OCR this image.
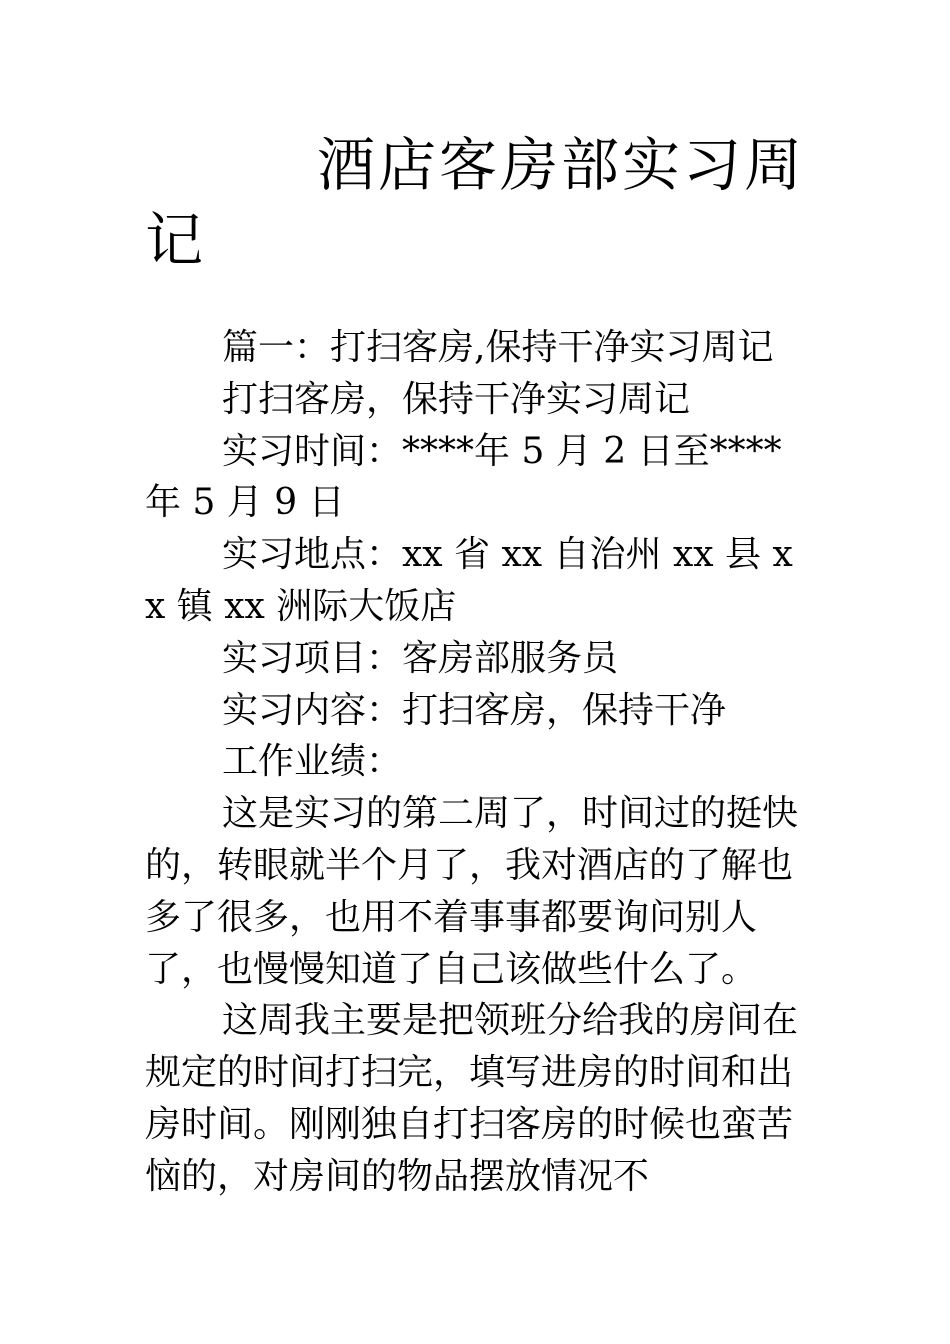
酒店客房部实习周记

篇一：打扫客房,保持干净实习周记

打扫客房，保持干净实习周记

实习时间：****年 5 月 2 日至****年 5 月 9 日

实习地点：xx 省 xx 自治州 xx 县 xx 镇 xx 洲际大饭店

实习项目：客房部服务员

实习内容：打扫客房，保持干净

工作业绩：

这是实习的第二周了，时间过的挺快的，转眼就半个月了，我对酒店的了解也多了很多，也用不着事事都要询问别人了，也慢慢知道了自己该做些什么了。

这周我主要是把领班分给我的房间在规定的时间打扫完，填写进房的时间和出房时间。刚刚独自打扫客房的时候也蛮苦恼的，对房间的物品摆放情况不
